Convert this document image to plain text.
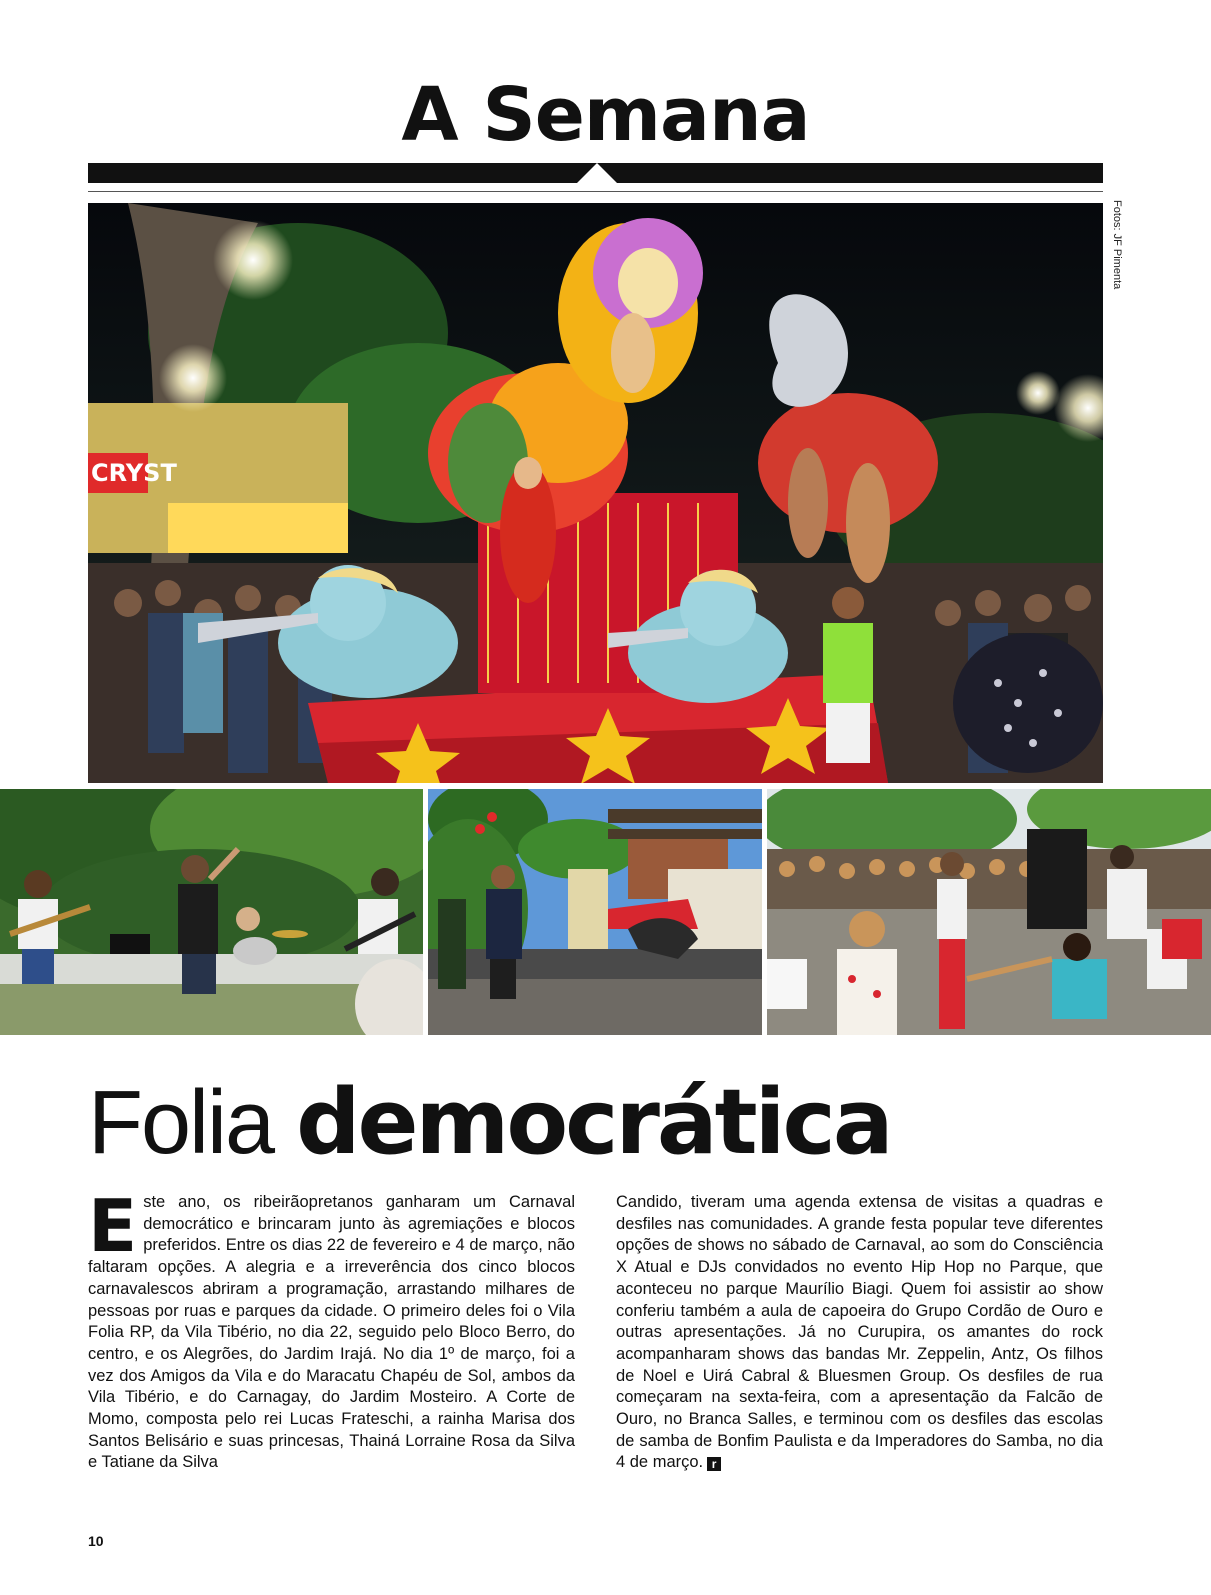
A Semana
Fotos: JF Pimenta
CRYST
Folia democrática
Este ano, os ribeirãopretanos ganharam um Carnaval democrático e brincaram junto às agremiações e blocos preferidos. Entre os dias 22 de fevereiro e 4 de março, não faltaram opções. A alegria e a irreverência dos cinco blocos carnavalescos abriram a programação, arrastando milhares de pessoas por ruas e parques da cidade. O primeiro deles foi o Vila Folia RP, da Vila Tibério, no dia 22, seguido pelo Bloco Berro, do centro, e os Alegrões, do Jardim Irajá. No dia 1º de março, foi a vez dos Amigos da Vila e do Maracatu Chapéu de Sol, ambos da Vila Tibério, e do Carnagay, do Jardim Mosteiro. A Corte de Momo, composta pelo rei Lucas Frateschi, a rainha Marisa dos Santos Belisário e suas princesas, Thainá Lorraine Rosa da Silva e Tatiane da Silva
Candido, tiveram uma agenda extensa de visitas a quadras e desfiles nas comunidades. A grande festa popular teve diferentes opções de shows no sábado de Carnaval, ao som do Consciência X Atual e DJs convidados no evento Hip Hop no Parque, que aconteceu no parque Maurílio Biagi. Quem foi assistir ao show conferiu também a aula de capoeira do Grupo Cordão de Ouro e outras apresentações. Já no Curupira, os amantes do rock acompanharam shows das bandas Mr. Zeppelin, Antz, Os filhos de Noel e Uirá Cabral & Bluesmen Group. Os desfiles de rua começaram na sexta-feira, com a apresentação da Falcão de Ouro, no Branca Salles, e terminou com os desfiles das escolas de samba de Bonfim Paulista e da Imperadores do Samba, no dia 4 de março. r
10
